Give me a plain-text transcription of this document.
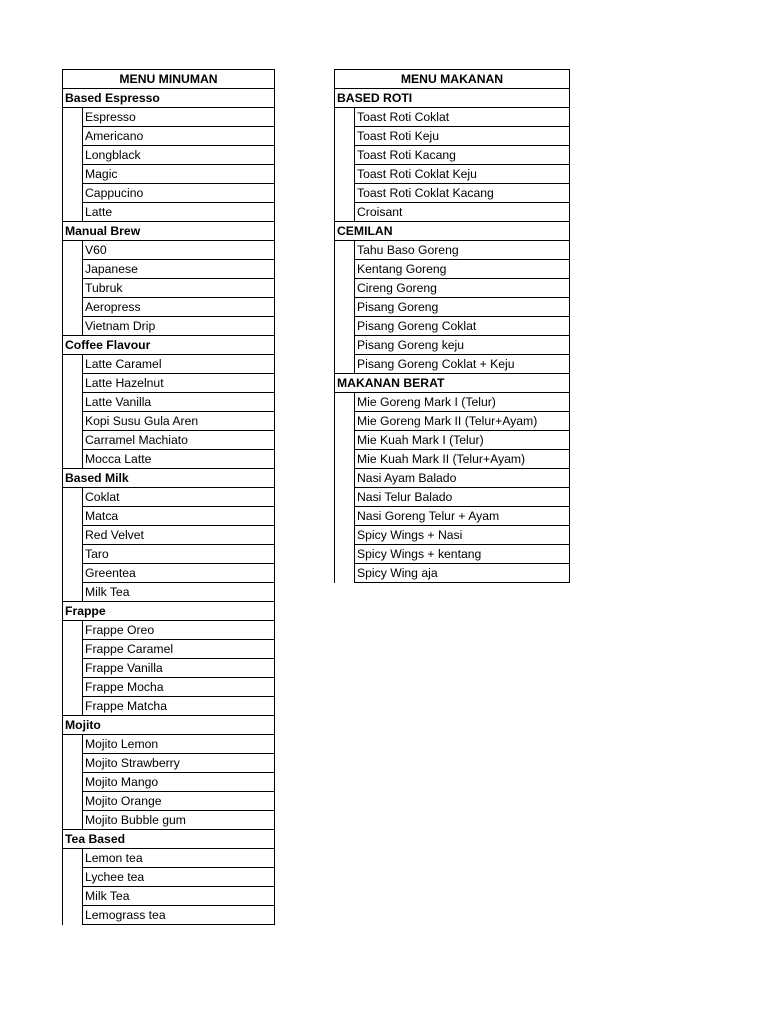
MENU MINUMAN	
Based Espresso	
	Espresso
	Americano
	Longblack
	Magic
	Cappucino
	Latte
Manual Brew	
	V60
	Japanese
	Tubruk
	Aeropress
	Vietnam Drip
Coffee Flavour	
	Latte Caramel
	Latte Hazelnut
	Latte Vanilla
	Kopi Susu Gula Aren
	Carramel Machiato
	Mocca Latte
Based Milk	
	Coklat
	Matca
	Red Velvet
	Taro
	Greentea
	Milk Tea
Frappe	
	Frappe Oreo
	Frappe Caramel
	Frappe Vanilla
	Frappe Mocha
	Frappe Matcha
Mojito	
	Mojito Lemon
	Mojito Strawberry
	Mojito Mango
	Mojito Orange
	Mojito Bubble gum
Tea Based	
	Lemon tea
	Lychee tea
	Milk Tea
	Lemograss tea
MENU MAKANAN	
BASED ROTI	
	Toast Roti Coklat
	Toast Roti Keju
	Toast Roti Kacang
	Toast Roti Coklat Keju
	Toast Roti Coklat Kacang
	Croisant
CEMILAN	
	Tahu Baso Goreng
	Kentang Goreng
	Cireng Goreng
	Pisang Goreng
	Pisang Goreng Coklat
	Pisang Goreng keju
	Pisang Goreng Coklat + Keju
MAKANAN BERAT	
	Mie Goreng Mark I (Telur)
	Mie Goreng Mark II (Telur+Ayam)
	Mie Kuah Mark I (Telur)
	Mie Kuah Mark II (Telur+Ayam)
	Nasi Ayam Balado
	Nasi Telur Balado
	Nasi Goreng Telur + Ayam
	Spicy Wings + Nasi
	Spicy Wings + kentang
	Spicy Wing aja
